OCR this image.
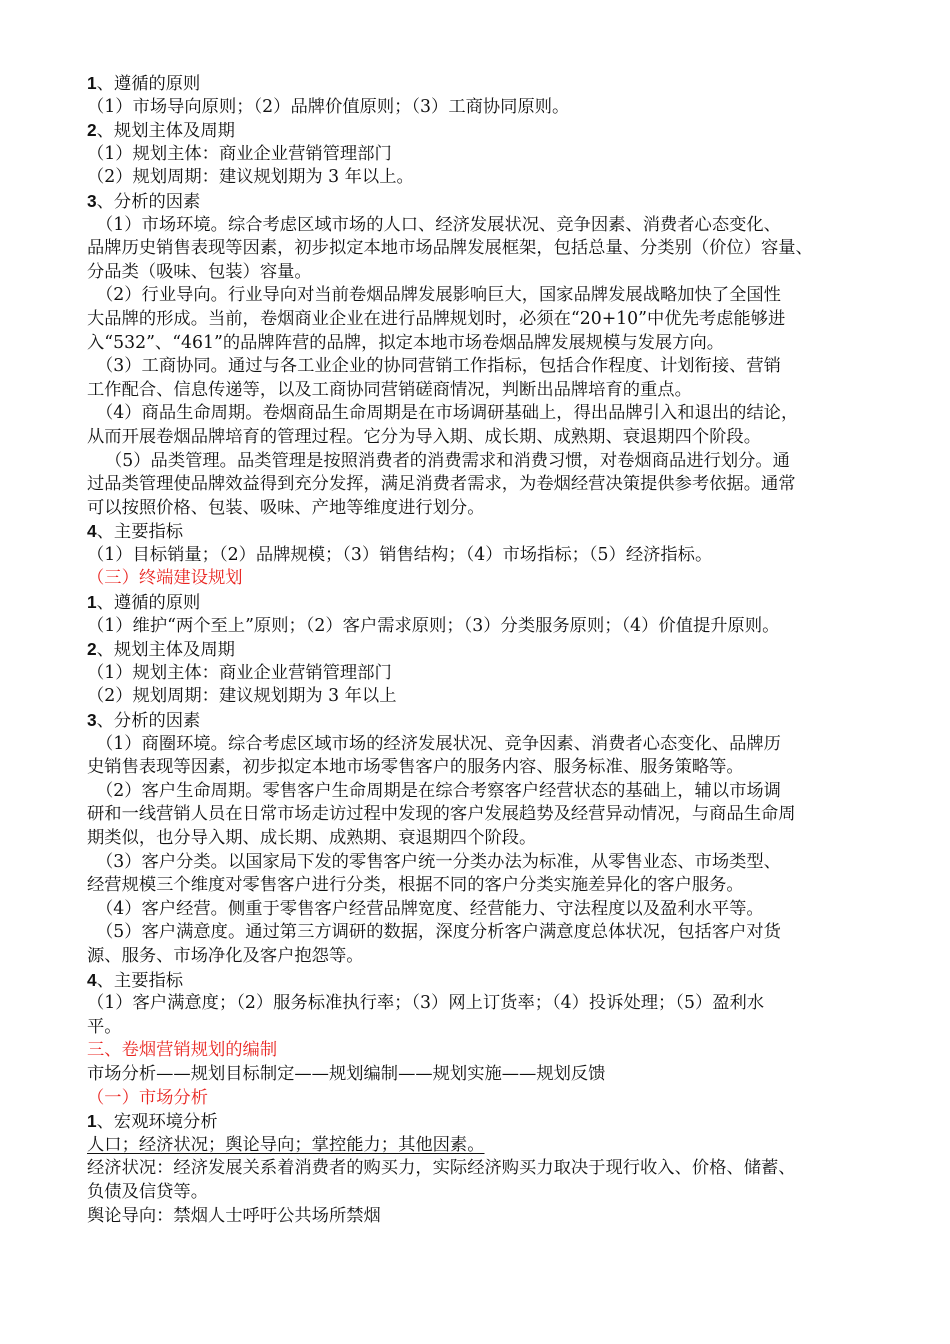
1、遵循的原则
（1）市场导向原则；（2）品牌价值原则；（3）工商协同原则。
2、规划主体及周期
（1）规划主体：商业企业营销管理部门
（2）规划周期：建议规划期为 3 年以上。
3、分析的因素
（1）市场环境。综合考虑区域市场的人口、经济发展状况、竞争因素、消费者心态变化、
品牌历史销售表现等因素，初步拟定本地市场品牌发展框架，包括总量、分类别（价位）容量、
分品类（吸味、包装）容量。
（2）行业导向。行业导向对当前卷烟品牌发展影响巨大，国家品牌发展战略加快了全国性
大品牌的形成。当前，卷烟商业企业在进行品牌规划时，必须在“20+10”中优先考虑能够进
入“532”、“461”的品牌阵营的品牌，拟定本地市场卷烟品牌发展规模与发展方向。
（3）工商协同。通过与各工业企业的协同营销工作指标，包括合作程度、计划衔接、营销
工作配合、信息传递等，以及工商协同营销磋商情况，判断出品牌培育的重点。
（4）商品生命周期。卷烟商品生命周期是在市场调研基础上，得出品牌引入和退出的结论，
从而开展卷烟品牌培育的管理过程。它分为导入期、成长期、成熟期、衰退期四个阶段。
（5）品类管理。品类管理是按照消费者的消费需求和消费习惯，对卷烟商品进行划分。通
过品类管理使品牌效益得到充分发挥，满足消费者需求，为卷烟经营决策提供参考依据。通常
可以按照价格、包装、吸味、产地等维度进行划分。
4、主要指标
（1）目标销量；（2）品牌规模；（3）销售结构；（4）市场指标；（5）经济指标。
（三）终端建设规划
1、遵循的原则
（1）维护“两个至上”原则；（2）客户需求原则；（3）分类服务原则；（4）价值提升原则。
2、规划主体及周期
（1）规划主体：商业企业营销管理部门
（2）规划周期：建议规划期为 3 年以上
3、分析的因素
（1）商圈环境。综合考虑区域市场的经济发展状况、竞争因素、消费者心态变化、品牌历
史销售表现等因素，初步拟定本地市场零售客户的服务内容、服务标准、服务策略等。
（2）客户生命周期。零售客户生命周期是在综合考察客户经营状态的基础上，辅以市场调
研和一线营销人员在日常市场走访过程中发现的客户发展趋势及经营异动情况，与商品生命周
期类似，也分导入期、成长期、成熟期、衰退期四个阶段。
（3）客户分类。以国家局下发的零售客户统一分类办法为标准，从零售业态、市场类型、
经营规模三个维度对零售客户进行分类，根据不同的客户分类实施差异化的客户服务。
（4）客户经营。侧重于零售客户经营品牌宽度、经营能力、守法程度以及盈利水平等。
（5）客户满意度。通过第三方调研的数据，深度分析客户满意度总体状况，包括客户对货
源、服务、市场净化及客户抱怨等。
4、主要指标
（1）客户满意度；（2）服务标准执行率；（3）网上订货率；（4）投诉处理；（5）盈利水
平。
三、卷烟营销规划的编制
市场分析——规划目标制定——规划编制——规划实施——规划反馈
（一）市场分析
1、宏观环境分析
人口；经济状况；舆论导向；掌控能力；其他因素。
经济状况：经济发展关系着消费者的购买力，实际经济购买力取决于现行收入、价格、储蓄、
负债及信贷等。
舆论导向：禁烟人士呼吁公共场所禁烟
